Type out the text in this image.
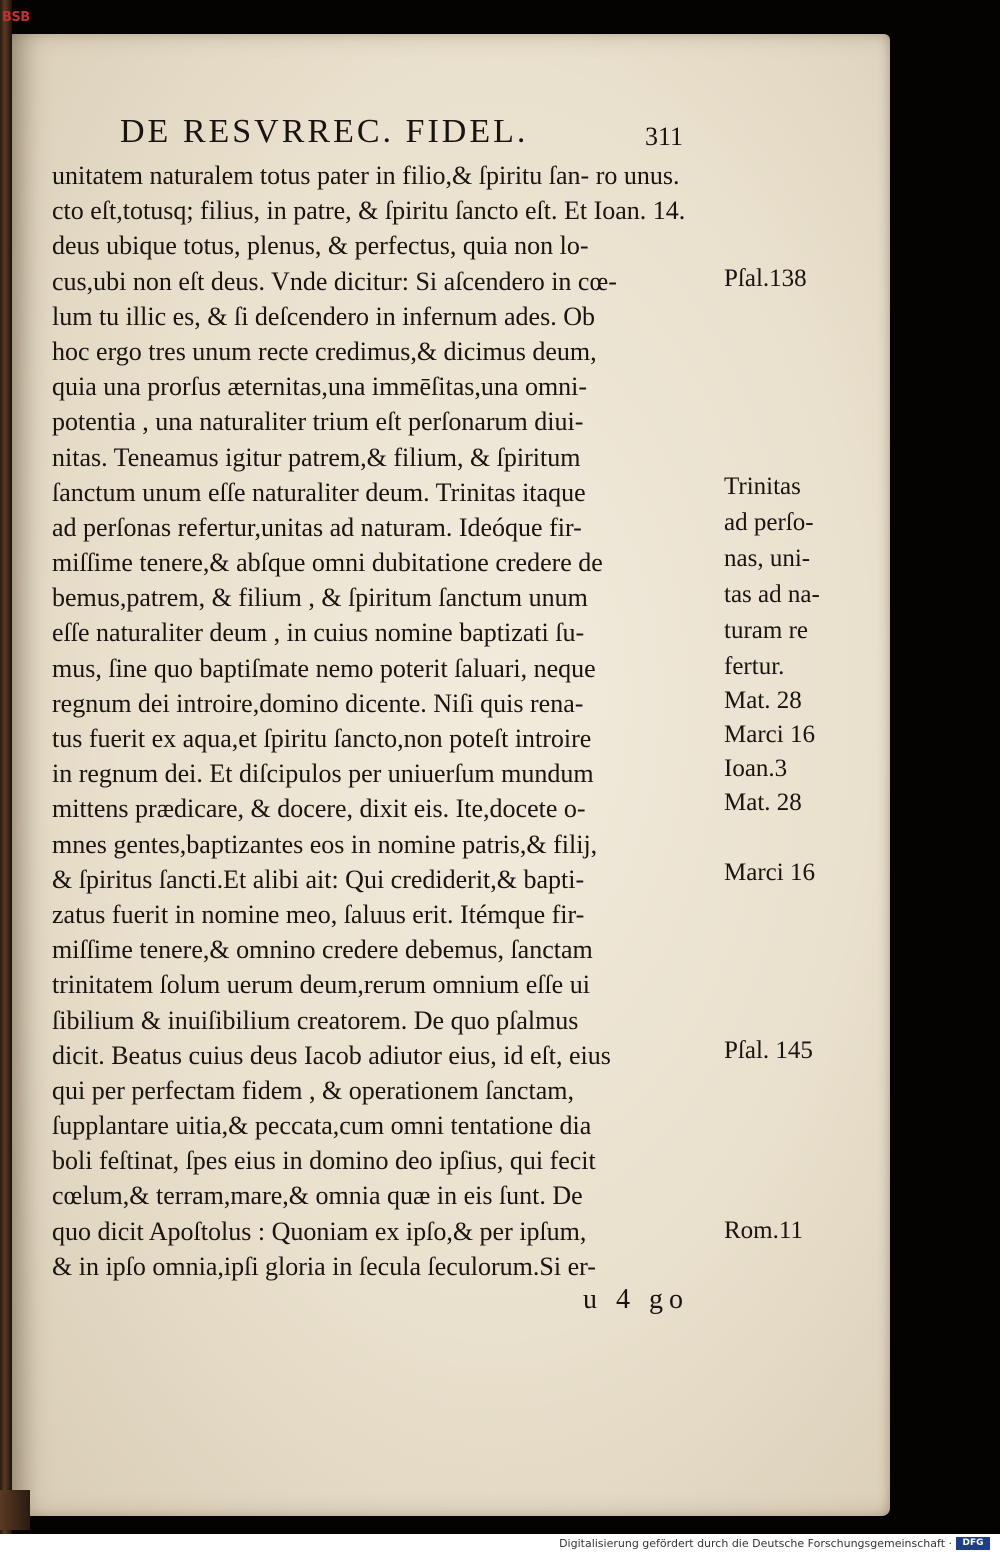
BSB
DE RESVRREC. FIDEL.	311
unitatem naturalem totus pater in filio,& ſpiritu ſan- ro unus.
cto eſt,totusq; filius, in patre, & ſpiritu ſancto eſt. Et Ioan. 14.
deus ubique totus, plenus, & perfectus, quia non lo-
cus,ubi non eſt deus. Vnde dicitur: Si aſcendero in cœ-
lum tu illic es, & ſi deſcendero in infernum ades. Ob
hoc ergo tres unum recte credimus,& dicimus deum,
quia una prorſus æternitas,una immēſitas,una omni-
potentia , una naturaliter trium eſt perſonarum diui-
nitas. Teneamus igitur patrem,& filium, & ſpiritum
ſanctum unum eſſe naturaliter deum. Trinitas itaque
ad perſonas refertur,unitas ad naturam. Ideóque fir-
miſſime tenere,& abſque omni dubitatione credere de
bemus,patrem, & filium , & ſpiritum ſanctum unum
eſſe naturaliter deum , in cuius nomine baptizati ſu-
mus, ſine quo baptiſmate nemo poterit ſaluari, neque
regnum dei introire,domino dicente. Niſi quis rena-
tus fuerit ex aqua,et ſpiritu ſancto,non poteſt introire
in regnum dei. Et diſcipulos per uniuerſum mundum
mittens prædicare, & docere, dixit eis. Ite,docete o-
mnes gentes,baptizantes eos in nomine patris,& filij,
& ſpiritus ſancti.Et alibi ait: Qui crediderit,& bapti-
zatus fuerit in nomine meo, ſaluus erit. Itémque fir-
miſſime tenere,& omnino credere debemus, ſanctam
trinitatem ſolum uerum deum,rerum omnium eſſe ui
ſibilium & inuiſibilium creatorem. De quo pſalmus
dicit. Beatus cuius deus Iacob adiutor eius, id eſt, eius
qui per perfectam fidem , & operationem ſanctam,
ſupplantare uitia,& peccata,cum omni tentatione dia
boli feſtinat, ſpes eius in domino deo ipſius, qui fecit
cœlum,& terram,mare,& omnia quæ in eis ſunt. De
quo dicit Apoſtolus : Quoniam ex ipſo,& per ipſum,
& in ipſo omnia,ipſi gloria in ſecula ſeculorum.Si er-
Pſal.138
Trinitas
ad perſo-
nas, uni-
tas ad na-
turam re
fertur.
Mat. 28
Marci 16
Ioan.3
Mat. 28
Marci 16
Pſal. 145
Rom.11
u 4 go
Digitalisierung gefördert durch die Deutsche Forschungsgemeinschaft ·	DFG
